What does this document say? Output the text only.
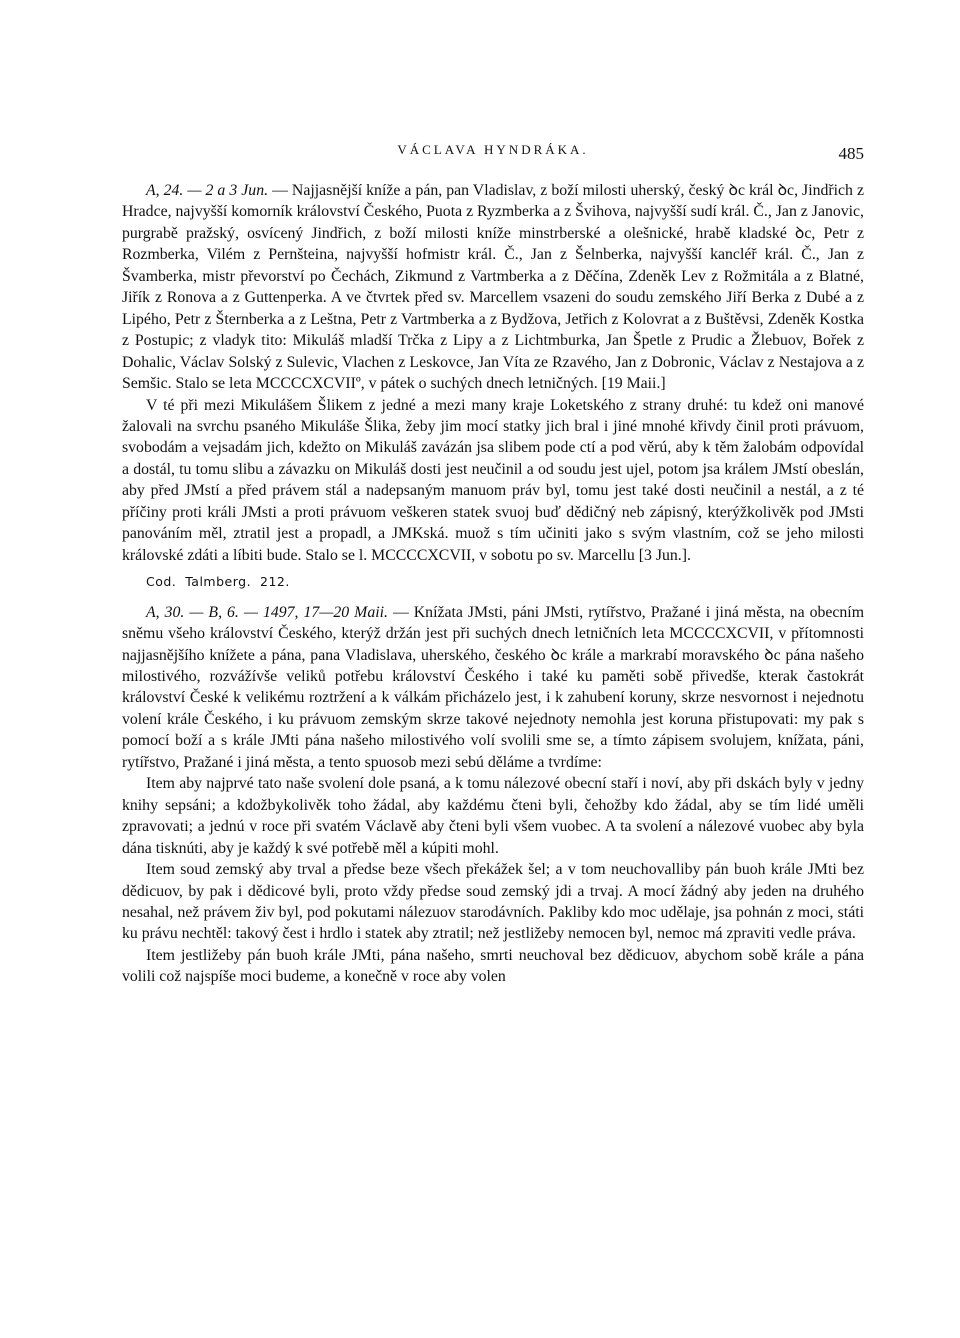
VÁCLAVA HYNDRÁKA.	485

A, 24. — 2 a 3 Jun. — Najjasnější kníže a pán, pan Vladislav, z boží milosti uherský, český ꝺc král ꝺc, Jindřich z Hradce, najvyšší komorník království Českého, Puota z Ryzmberka a z Švihova, najvyšší sudí král. Č., Jan z Janovic, purgrabě pražský, osvícený Jindřich, z boží milosti kníže minstrberské a olešnické, hrabě kladské ꝺc, Petr z Rozmberka, Vilém z Pernšteina, najvyšší hofmistr král. Č., Jan z Šelnberka, najvyšší kancléř král. Č., Jan z Švamberka, mistr převorství po Čechách, Zikmund z Vartmberka a z Děčína, Zdeněk Lev z Rožmitála a z Blatné, Jiřík z Ronova a z Guttenperka. A ve čtvrtek před sv. Marcellem vsazeni do soudu zemského Jiří Berka z Dubé a z Lipého, Petr z Šternberka a z Leštna, Petr z Vartmberka a z Bydžova, Jetřich z Kolovrat a z Buštěvsi, Zdeněk Kostka z Postupic; z vladyk tito: Mikuláš mladší Trčka z Lipy a z Lichtmburka, Jan Špetle z Prudic a Žlebuov, Bořek z Dohalic, Václav Solský z Sulevic, Vlachen z Leskovce, Jan Víta ze Rzavého, Jan z Dobronic, Václav z Nestajova a z Semšic. Stalo se leta MCCCCXCVIIº, v pátek o suchých dnech letničných. [19 Maii.]

V té při mezi Mikulášem Šlikem z jedné a mezi many kraje Loketského z strany druhé: tu kdež oni manové žalovali na svrchu psaného Mikuláše Šlika, žeby jim mocí statky jich bral i jiné mnohé křivdy činil proti právuom, svobodám a vejsadám jich, kdežto on Mikuláš zavázán jsa slibem pode ctí a pod věrú, aby k těm žalobám odpovídal a dostál, tu tomu slibu a závazku on Mikuláš dosti jest neučinil a od soudu jest ujel, potom jsa králem JMstí obeslán, aby před JMstí a před právem stál a nadepsaným manuom práv byl, tomu jest také dosti neučinil a nestál, a z té příčiny proti králi JMsti a proti právuom veškeren statek svuoj buď dědičný neb zápisný, kterýžkolivěk pod JMsti panováním měl, ztratil jest a propadl, a JMKská. muož s tím učiniti jako s svým vlastním, což se jeho milosti královské zdáti a líbiti bude. Stalo se l. MCCCCXCVII, v sobotu po sv. Marcellu [3 Jun.].

Cod.  Talmberg.  212.

A, 30. — B, 6. — 1497, 17—20 Maii. — Knížata JMsti, páni JMsti, rytířstvo, Pražané i jiná města, na obecním sněmu všeho království Českého, kterýž držán jest při suchých dnech letničních leta MCCCCXCVII, v přítomnosti najjasnějšího knížete a pána, pana Vladislava, uherského, českého ꝺc krále a markrabí moravského ꝺc pána našeho milostivého, rozvážívše veliků potřebu království Českého i také ku paměti sobě přivedše, kterak častokrát království České k velikému roztržení a k válkám přicházelo jest, i k zahubení koruny, skrze nesvornost i nejednotu volení krále Českého, i ku právuom zemským skrze takové nejednoty nemohla jest koruna přistupovati: my pak s pomocí boží a s krále JMti pána našeho milostivého volí svolili sme se, a tímto zápisem svolujem, knížata, páni, rytířstvo, Pražané i jiná města, a tento spuosob mezi sebú děláme a tvrdíme:

Item aby najprvé tato naše svolení dole psaná, a k tomu nálezové obecní staří i noví, aby při dskách byly v jedny knihy sepsáni; a kdožbykolivěk toho žádal, aby každému čteni byli, čehožby kdo žádal, aby se tím lidé uměli zpravovati; a jednú v roce při svatém Václavě aby čteni byli všem vuobec. A ta svolení a nálezové vuobec aby byla dána tisknúti, aby je každý k své potřebě měl a kúpiti mohl.

Item soud zemský aby trval a předse beze všech překážek šel; a v tom neuchovalliby pán buoh krále JMti bez dědicuov, by pak i dědicové byli, proto vždy předse soud zemský jdi a trvaj. A mocí žádný aby jeden na druhého nesahal, než právem živ byl, pod pokutami nálezuov starodávních. Pakliby kdo moc udělaje, jsa pohnán z moci, státi ku právu nechtěl: takový čest i hrdlo i statek aby ztratil; než jestližeby nemocen byl, nemoc má zpraviti vedle práva.

Item jestližeby pán buoh krále JMti, pána našeho, smrti neuchoval bez dědicuov, abychom sobě krále a pána volili což najspíše moci budeme, a konečně v roce aby volen
